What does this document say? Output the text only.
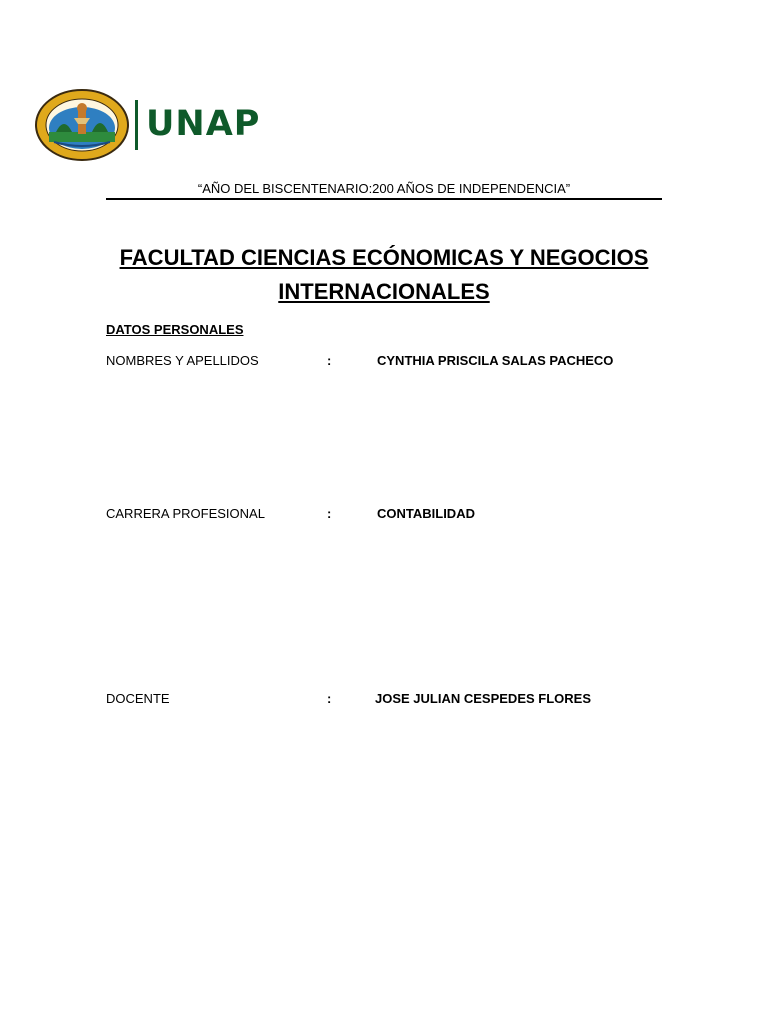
UNAP
“AÑO DEL BISCENTENARIO:200 AÑOS DE INDEPENDENCIA”
FACULTAD CIENCIAS ECÓNOMICAS Y NEGOCIOS
INTERNACIONALES
DATOS PERSONALES
NOMBRES Y APELLIDOS	:	CYNTHIA PRISCILA SALAS PACHECO
CARRERA PROFESIONAL	:	CONTABILIDAD
DOCENTE	:	JOSE JULIAN CESPEDES FLORES
